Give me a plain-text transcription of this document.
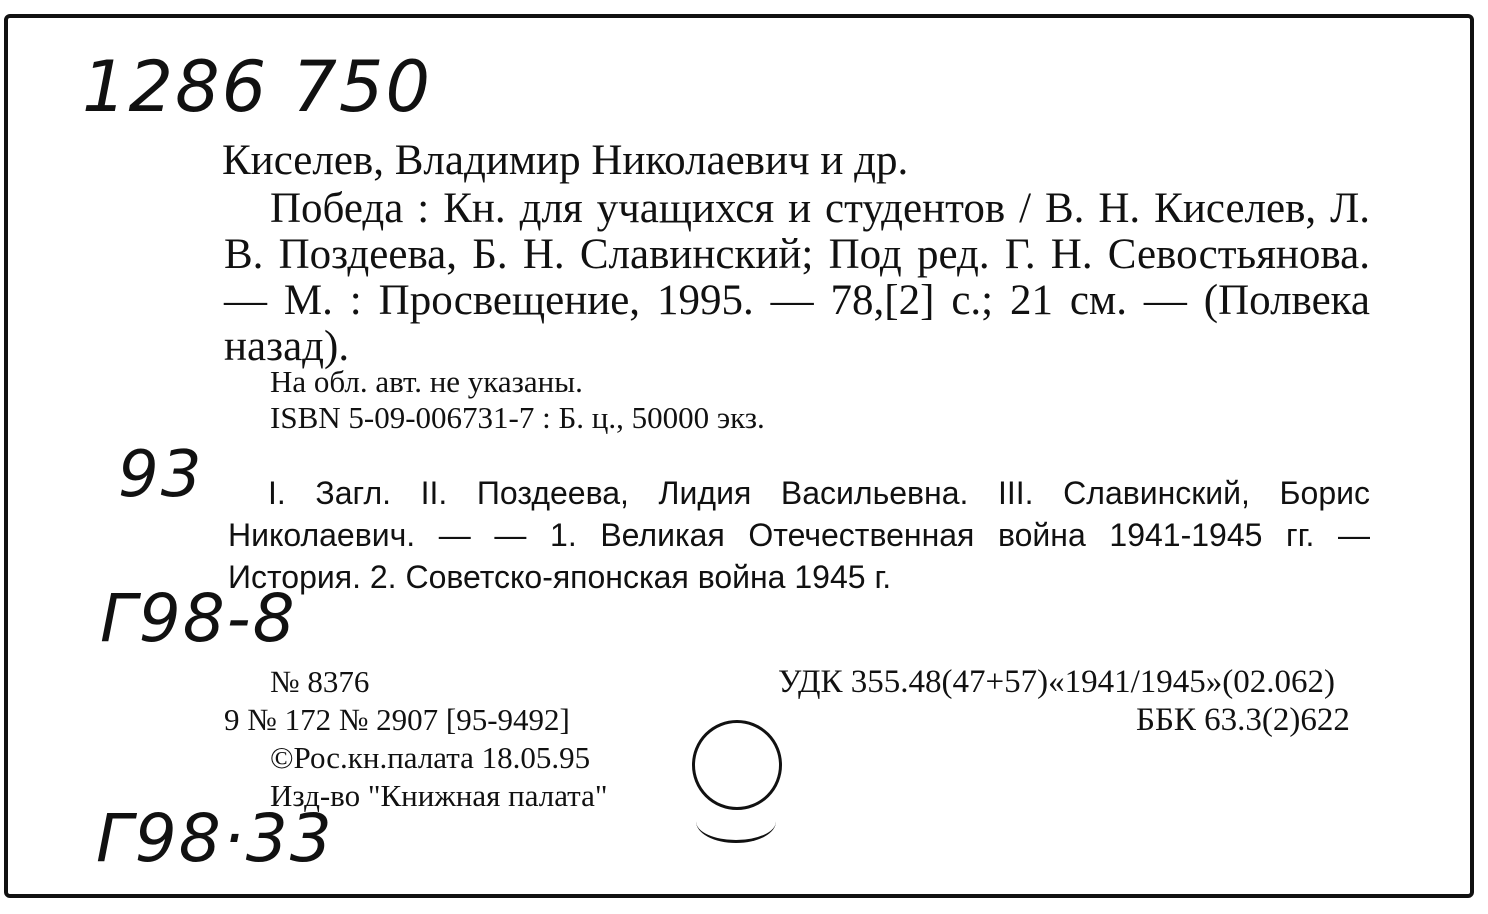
1286 750
Киселев, Владимир Николаевич и др.
Победа : Кн. для учащихся и студентов / В. Н. Киселев, Л. В. Поздеева, Б. Н. Славинский; Под ред. Г. Н. Севостьянова. — М. : Просвещение, 1995. — 78,[2] с.; 21 см. — (Полвека назад).
На обл. авт. не указаны.
ISBN 5-09-006731-7 : Б. ц., 50000 экз.
93	I. Загл. II. Поздеева, Лидия Васильевна. III. Славинский, Борис Николаевич. — — 1. Великая Отечественная война 1941-1945 гг. — История. 2. Советско-японская война 1945 г.
Г98-8
№ 8376	УДК 355.48(47+57)«1941/1945»(02.062)
9 № 172 № 2907 [95-9492]	ББК 63.3(2)622
©Рос.кн.палата 18.05.95
Изд-во "Книжная палата"
Г98·33
